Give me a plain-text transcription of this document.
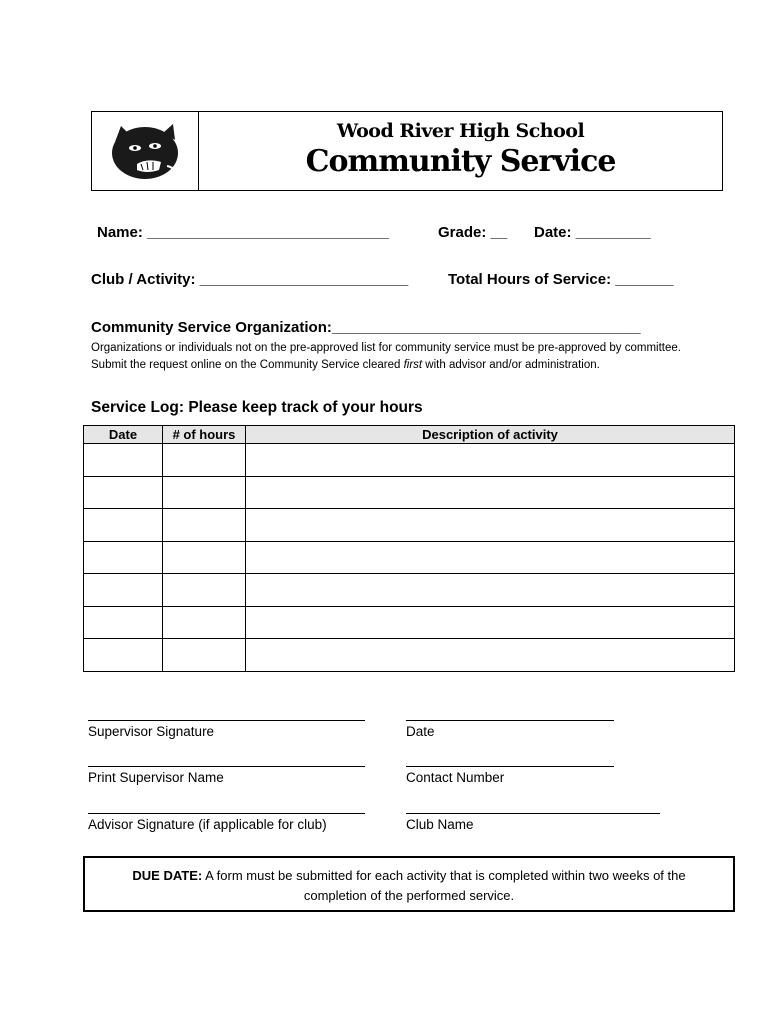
Wood River High School
Community Service
Name: _____________________________	Grade: __ Date: _________
Club / Activity: _________________________	Total Hours of Service: _______
Community Service Organization:_____________________________________
Organizations or individuals not on the pre-approved list for community service must be pre-approved by committee. Submit the request online on the Community Service cleared first with advisor and/or administration.
Service Log: Please keep track of your hours
Date	# of hours	Description of activity

Supervisor Signature	Date
Print Supervisor Name	Contact Number
Advisor Signature (if applicable for club)	Club Name
DUE DATE: A form must be submitted for each activity that is completed within two weeks of the completion of the performed service.
